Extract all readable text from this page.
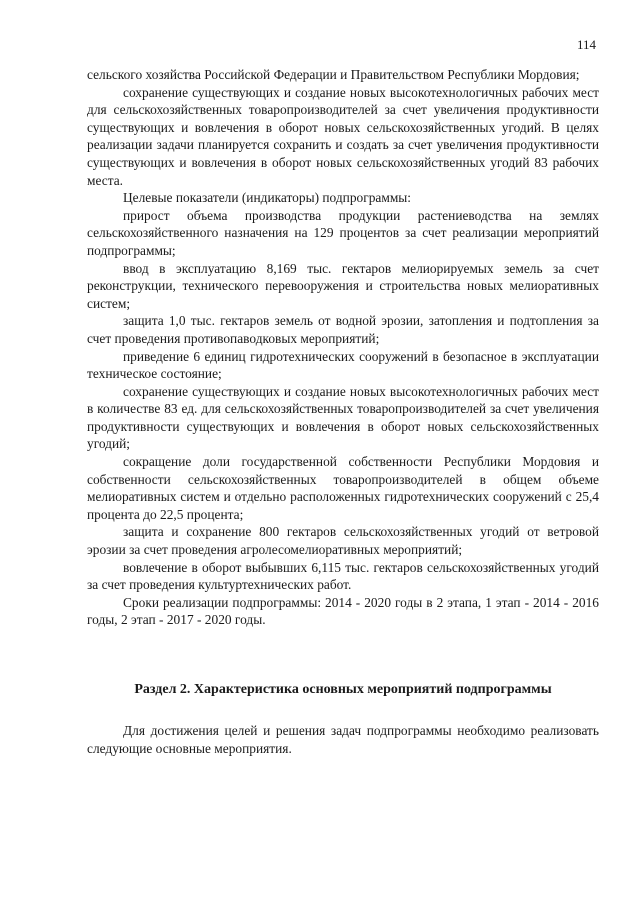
114

сельского хозяйства Российской Федерации и Правительством Республики Мордовия;

сохранение существующих и создание новых высокотехнологичных рабочих мест для сельскохозяйственных товаропроизводителей за счет увеличения продуктивности существующих и вовлечения в оборот новых сельскохозяйственных угодий. В целях реализации задачи планируется сохранить и создать за счет увеличения продуктивности существующих и вовлечения в оборот новых сельскохозяйственных угодий 83 рабочих места.

Целевые показатели (индикаторы) подпрограммы:

прирост объема производства продукции растениеводства на землях сельскохозяйственного назначения на 129 процентов за счет реализации мероприятий подпрограммы;

ввод в эксплуатацию 8,169 тыс. гектаров мелиорируемых земель за счет реконструкции, технического перевооружения и строительства новых мелиоративных систем;

защита 1,0 тыс. гектаров земель от водной эрозии, затопления и подтопления за счет проведения противопаводковых мероприятий;

приведение 6 единиц гидротехнических сооружений в безопасное в эксплуатации техническое состояние;

сохранение существующих и создание новых высокотехнологичных рабочих мест в количестве 83 ед. для сельскохозяйственных товаропроизводителей за счет увеличения продуктивности существующих и вовлечения в оборот новых сельскохозяйственных угодий;

сокращение доли государственной собственности Республики Мордовия и собственности сельскохозяйственных товаропроизводителей в общем объеме мелиоративных систем и отдельно расположенных гидротехнических сооружений с 25,4 процента до 22,5 процента;

защита и сохранение 800 гектаров сельскохозяйственных угодий от ветровой эрозии за счет проведения агролесомелиоративных мероприятий;

вовлечение в оборот выбывших 6,115 тыс. гектаров сельскохозяйственных угодий за счет проведения культуртехнических работ.

Сроки реализации подпрограммы: 2014 - 2020 годы в 2 этапа, 1 этап - 2014 - 2016 годы, 2 этап - 2017 - 2020 годы.

Раздел 2. Характеристика основных мероприятий подпрограммы

Для достижения целей и решения задач подпрограммы необходимо реализовать следующие основные мероприятия.
